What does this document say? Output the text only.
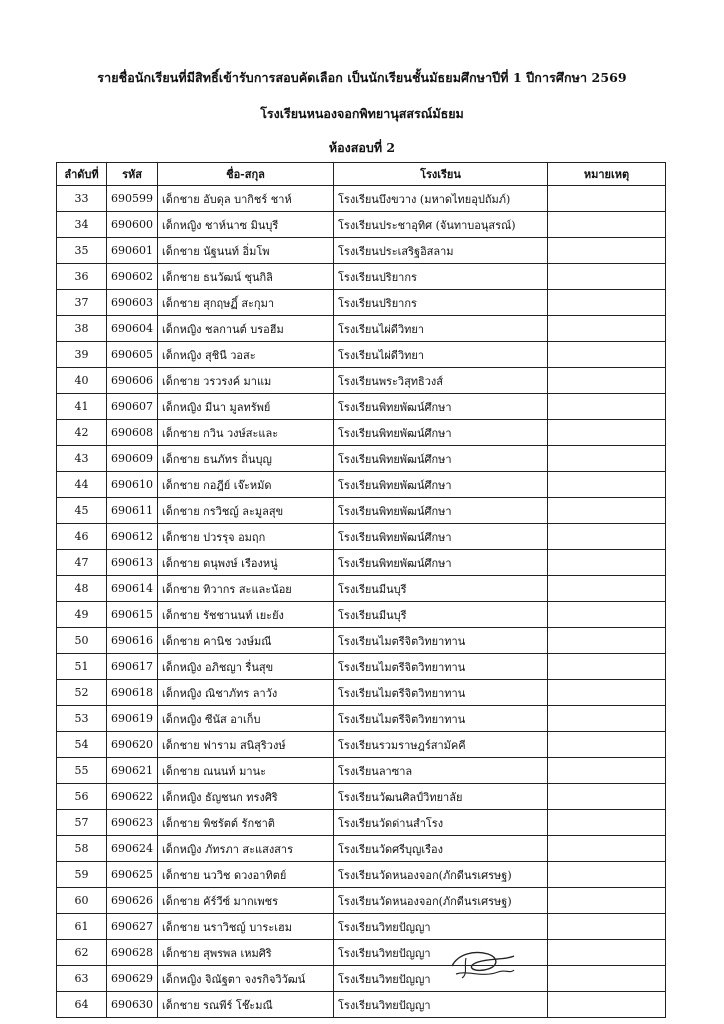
รายชื่อนักเรียนที่มีสิทธิ์เข้ารับการสอบคัดเลือก เป็นนักเรียนชั้นมัธยมศึกษาปีที่ 1 ปีการศึกษา 2569
โรงเรียนหนองจอกพิทยานุสสรณ์มัธยม
ห้องสอบที่ 2
ลำดับที่	รหัส	ชื่อ-สกุล	โรงเรียน	หมายเหตุ
33	690599	เด็กชาย อับดุล บากิชร์ ชาห์	โรงเรียนบึงขวาง (มหาดไทยอุปถัมภ์)	
34	690600	เด็กหญิง ชาห์นาซ มินบุรี	โรงเรียนประชาอุทิศ (จันทาบอนุสรณ์)	
35	690601	เด็กชาย นัฐนนท์ อิ่มโพ	โรงเรียนประเสริฐอิสลาม	
36	690602	เด็กชาย ธนวัฒน์ ชุนกิลิ	โรงเรียนปริยากร	
37	690603	เด็กชาย สุกฤษฏิ์ สะกุมา	โรงเรียนปริยากร	
38	690604	เด็กหญิง ชลกานต์ บรอฮีม	โรงเรียนไผ่ดีวิทยา	
39	690605	เด็กหญิง สุชินี วอสะ	โรงเรียนไผ่ดีวิทยา	
40	690606	เด็กชาย วรวรงค์ มาแม	โรงเรียนพระวิสุทธิวงส์	
41	690607	เด็กหญิง มีนา มูลทรัพย์	โรงเรียนพิทยพัฒน์ศึกษา	
42	690608	เด็กชาย กวิน วงษ์สะและ	โรงเรียนพิทยพัฒน์ศึกษา	
43	690609	เด็กชาย ธนภัทร ถิ่นบุญ	โรงเรียนพิทยพัฒน์ศึกษา	
44	690610	เด็กชาย กอฎีย์ เจ๊ะหมัด	โรงเรียนพิทยพัฒน์ศึกษา	
45	690611	เด็กชาย กรวิชญ์ ละมูลสุข	โรงเรียนพิทยพัฒน์ศึกษา	
46	690612	เด็กชาย ปวรรุจ อมฤก	โรงเรียนพิทยพัฒน์ศึกษา	
47	690613	เด็กชาย ดนุพงษ์ เรืองหนู่	โรงเรียนพิทยพัฒน์ศึกษา	
48	690614	เด็กชาย ทิวากร สะและน้อย	โรงเรียนมีนบุรี	
49	690615	เด็กชาย รัชชานนท์ เยะยัง	โรงเรียนมีนบุรี	
50	690616	เด็กชาย คานิช วงษ์มณี	โรงเรียนไมตรีจิตวิทยาทาน	
51	690617	เด็กหญิง อภิชญา รื่นสุข	โรงเรียนไมตรีจิตวิทยาทาน	
52	690618	เด็กหญิง ณิชาภัทร ลาวัง	โรงเรียนไมตรีจิตวิทยาทาน	
53	690619	เด็กหญิง ซีนัส อาเก็บ	โรงเรียนไมตรีจิตวิทยาทาน	
54	690620	เด็กชาย ฟาราม สนิสุริวงษ์	โรงเรียนรวมราษฎร์สามัคคี	
55	690621	เด็กชาย ณนนท์ มานะ	โรงเรียนลาซาล	
56	690622	เด็กหญิง ธัญชนก ทรงศิริ	โรงเรียนวัฒนศิลป์วิทยาลัย	
57	690623	เด็กชาย พิชรัตต์ รักชาติ	โรงเรียนวัดด่านสำโรง	
58	690624	เด็กหญิง ภัทรภา สะแสงสาร	โรงเรียนวัดศรีบุญเรือง	
59	690625	เด็กชาย นววิช ดวงอาทิตย์	โรงเรียนวัดหนองจอก(ภักดีนรเศรษฐ)	
60	690626	เด็กชาย คัร์วีซ์ มากเพชร	โรงเรียนวัดหนองจอก(ภักดีนรเศรษฐ)	
61	690627	เด็กชาย นราวิชญ์ บาระเฮม	โรงเรียนวิทยปัญญา	
62	690628	เด็กชาย สุพรพล เหมศิริ	โรงเรียนวิทยปัญญา	
63	690629	เด็กหญิง จิณัฐตา จงรกิจวิวัฒน์	โรงเรียนวิทยปัญญา	
64	690630	เด็กชาย รณพีร์ โช๊ะมณี	โรงเรียนวิทยปัญญา	
